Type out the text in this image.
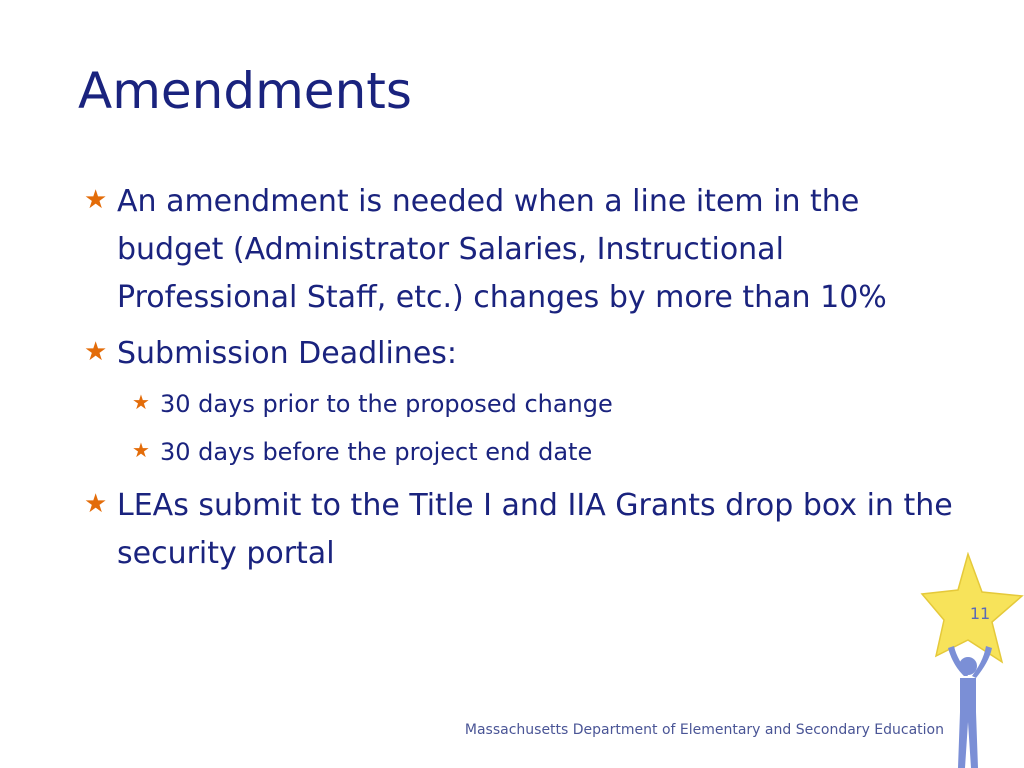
Amendments
★ An amendment is needed when a line item in the budget (Administrator Salaries, Instructional Professional Staff, etc.) changes by more than 10%
★ Submission Deadlines:
★ 30 days prior to the proposed change
★ 30 days before the project end date
★ LEAs submit to the Title I and IIA Grants drop box in the security portal
11
Massachusetts Department of Elementary and Secondary Education
